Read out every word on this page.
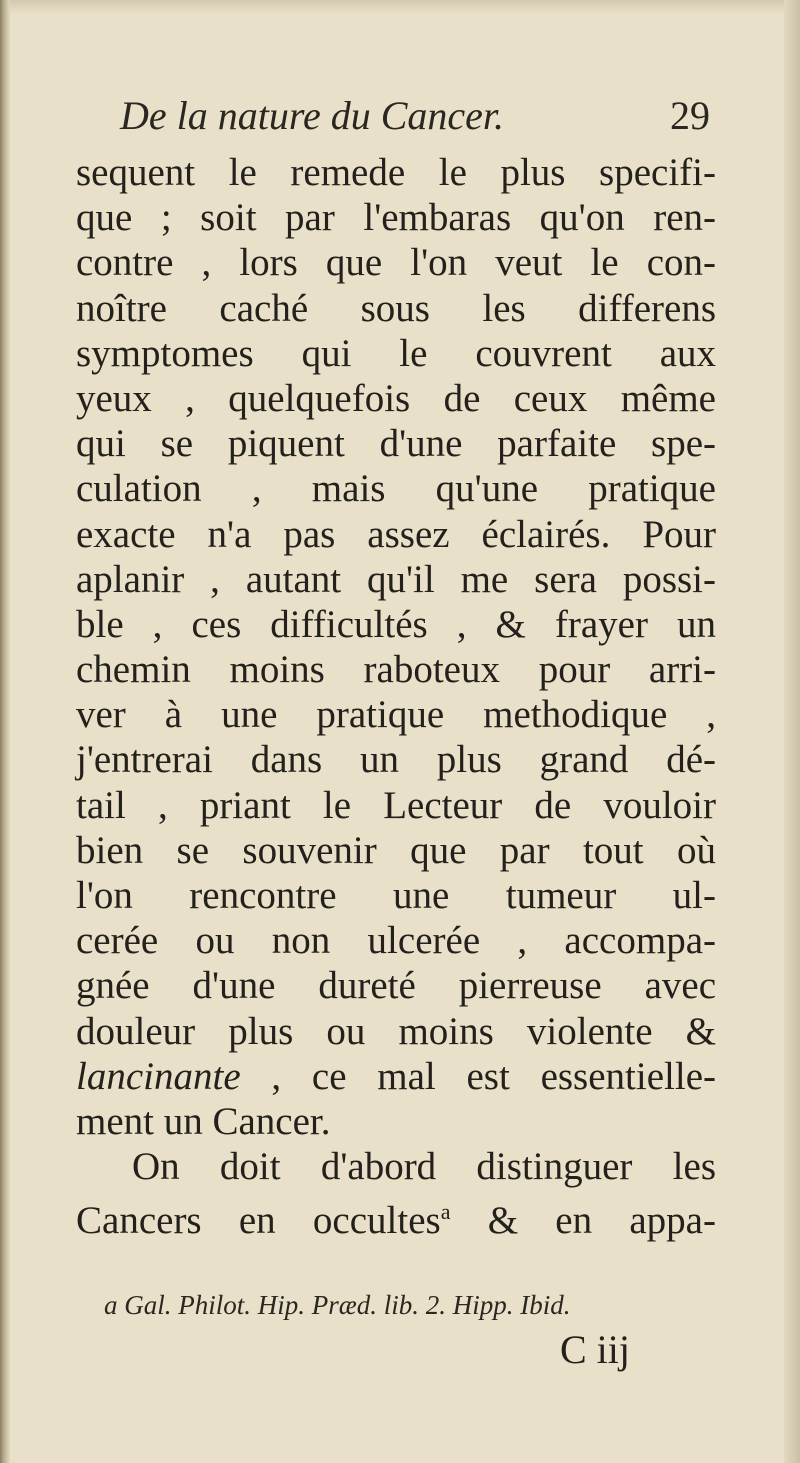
De la nature du Cancer.	29
sequent le remede le plus specifi-
que ; soit par l'embaras qu'on ren-
contre , lors que l'on veut le con-
noître caché sous les differens
symptomes qui le couvrent aux
yeux , quelquefois de ceux même
qui se piquent d'une parfaite spe-
culation , mais qu'une pratique
exacte n'a pas assez éclairés. Pour
aplanir , autant qu'il me sera possi-
ble , ces difficultés , & frayer un
chemin moins raboteux pour arri-
ver à une pratique methodique ,
j'entrerai dans un plus grand dé-
tail , priant le Lecteur de vouloir
bien se souvenir que par tout où
l'on rencontre une tumeur ul-
cerée ou non ulcerée , accompa-
gnée d'une dureté pierreuse avec
douleur plus ou moins violente &
lancinante , ce mal est essentielle-
ment un Cancer.
On doit d'abord distinguer les
Cancers en occultes$^a$ & en appa-
a Gal. Philot. Hip. Præd. lib. 2. Hipp. Ibid.
C iij
